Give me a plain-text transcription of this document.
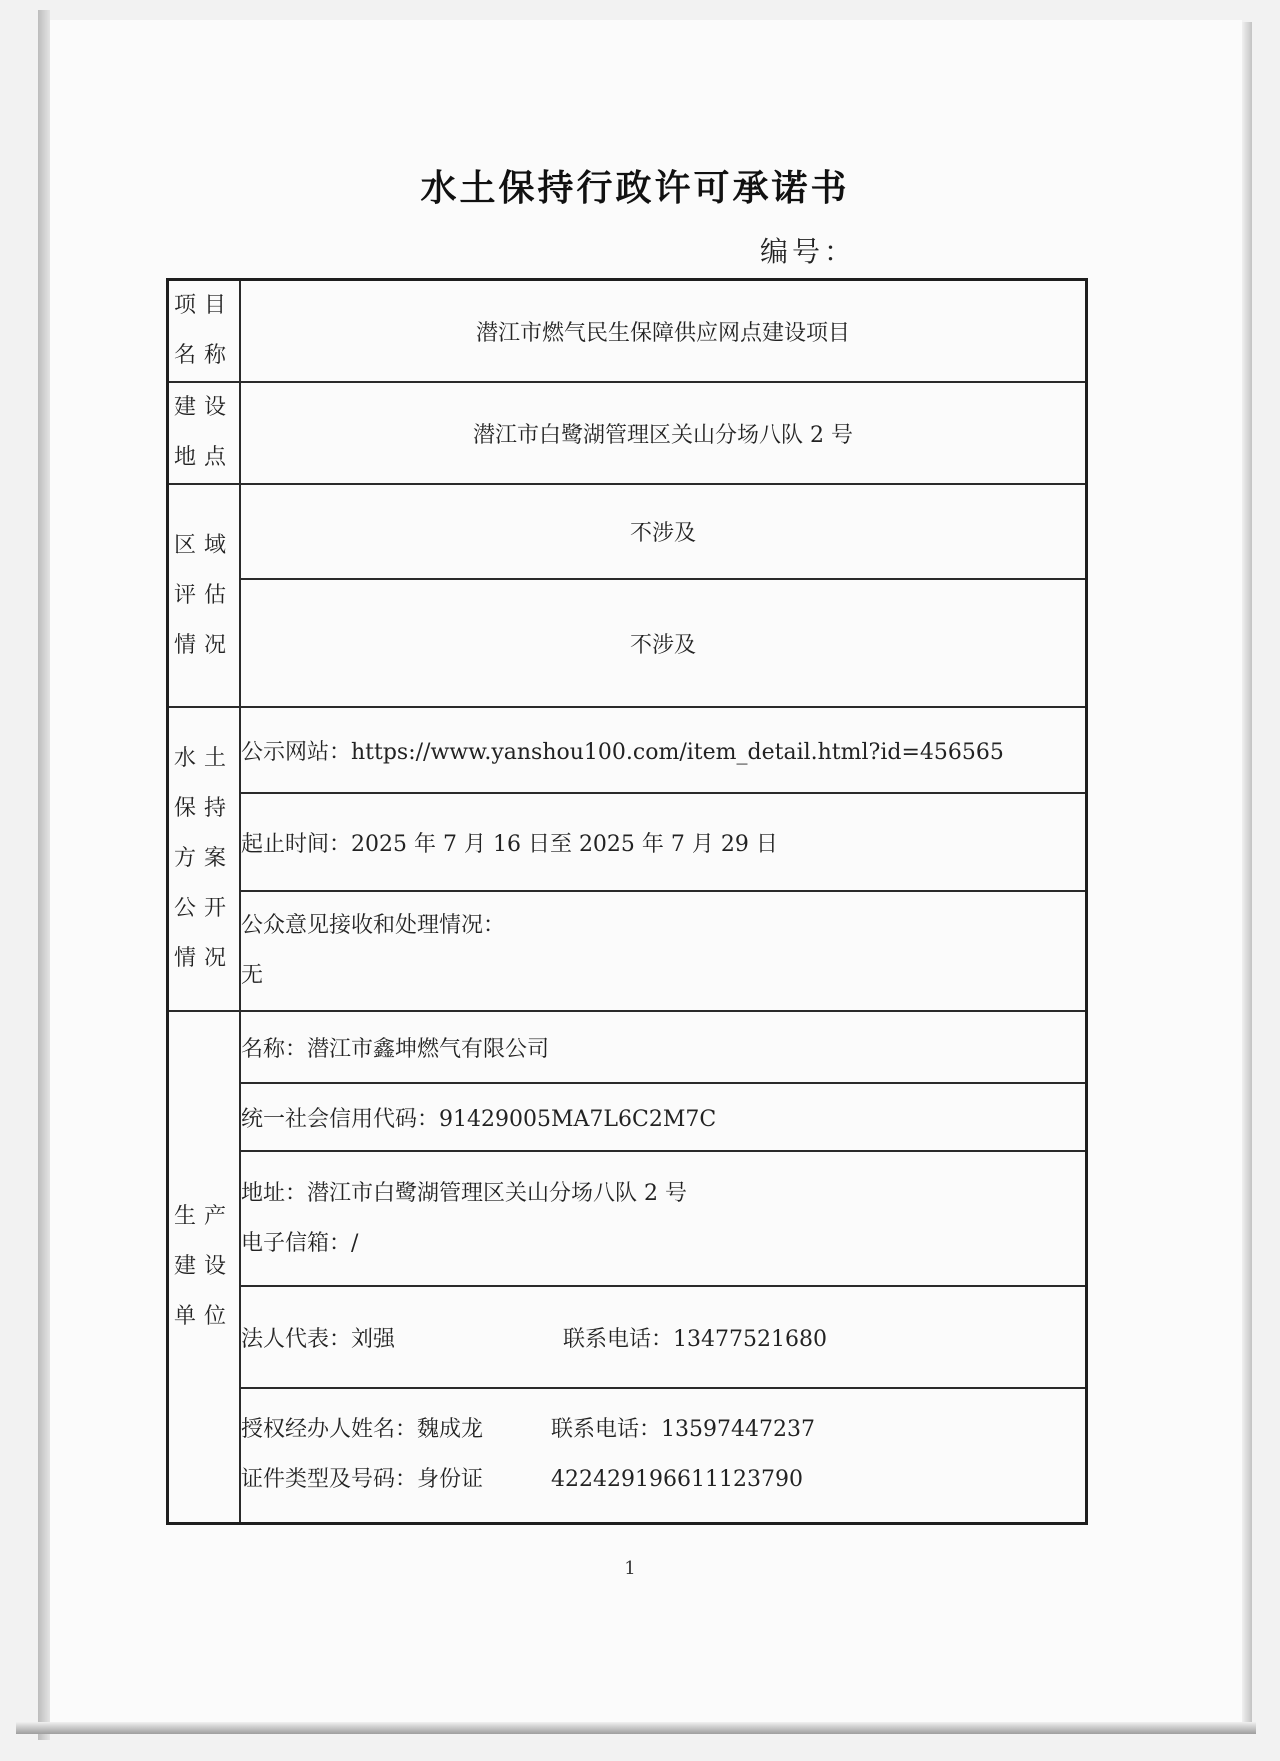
水土保持行政许可承诺书
编号：
项目
名称	潜江市燃气民生保障供应网点建设项目

建设
地点	潜江市白鹭湖管理区关山分场八队 2 号

区域
评估
情况	不涉及
	不涉及

水土
保持
方案
公开
情况	公示网站：https://www.yanshou100.com/item_detail.html?id=456565
	起止时间：2025 年 7 月 16 日至 2025 年 7 月 29 日

	公众意见接收和处理情况：
无

生产
建设
单位	名称：潜江市鑫坤燃气有限公司
	统一社会信用代码：91429005MA7L6C2M7C

	地址：潜江市白鹭湖管理区关山分场八队 2 号
电子信箱：/

	法人代表：刘强 联系电话：13477521680

	授权经办人姓名：魏成龙 联系电话：13597447237
证件类型及号码：身份证 422429196611123790
1
